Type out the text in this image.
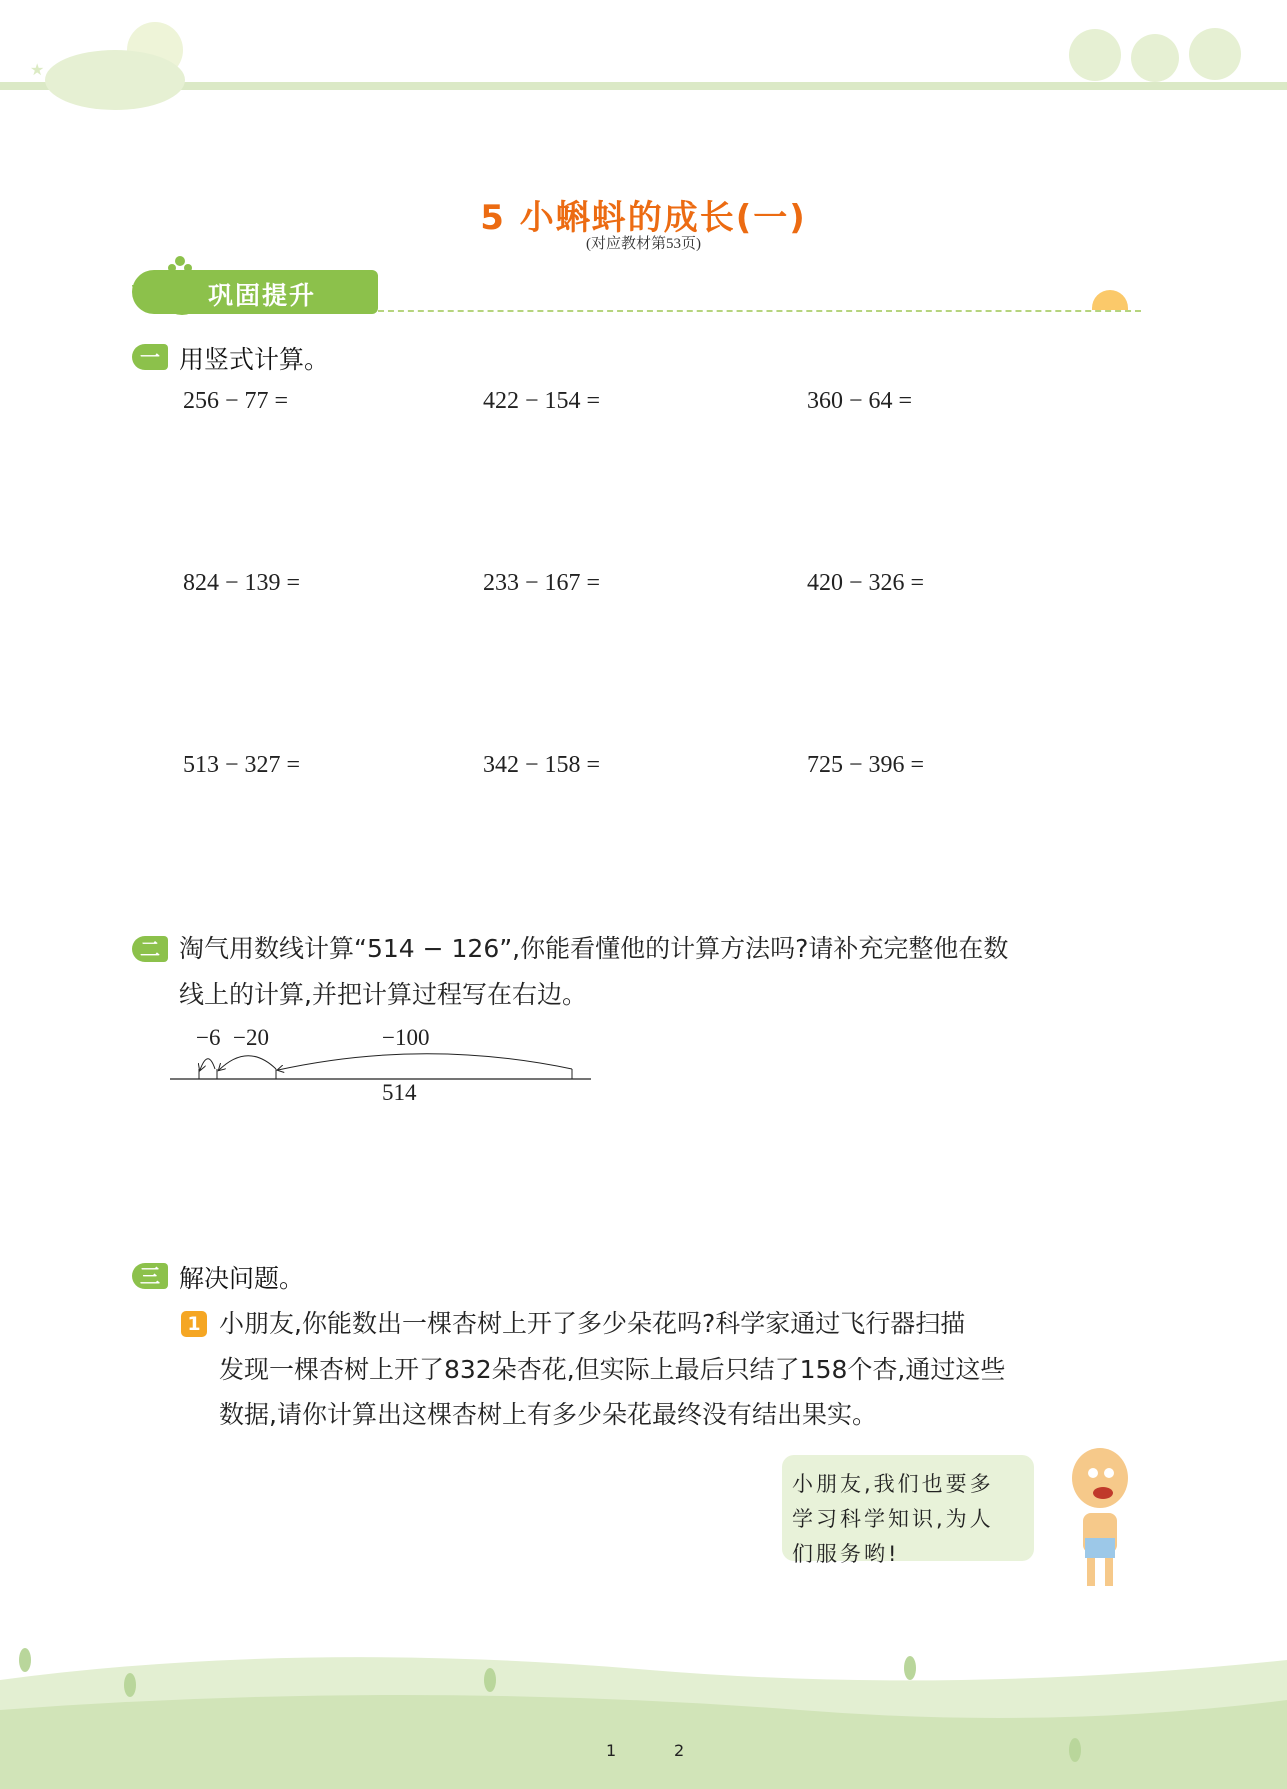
★
5 小蝌蚪的成长(一)
(对应教材第53页)
巩固提升
一 用竖式计算。
256 − 77 =	422 − 154 =	360 − 64 =
824 − 139 =	233 − 167 =	420 − 326 =
513 − 327 =	342 − 158 =	725 − 396 =
二 淘气用数线计算“514 − 126”,你能看懂他的计算方法吗?请补充完整他在数
线上的计算,并把计算过程写在右边。
514
−100
−20
−6
三 解决问题。
1 小朋友,你能数出一棵杏树上开了多少朵花吗?科学家通过飞行器扫描
发现一棵杏树上开了832朵杏花,但实际上最后只结了158个杏,通过这些
数据,请你计算出这棵杏树上有多少朵花最终没有结出果实。
小朋友,我们也要多
学习科学知识,为人
们服务哟!
1	2
